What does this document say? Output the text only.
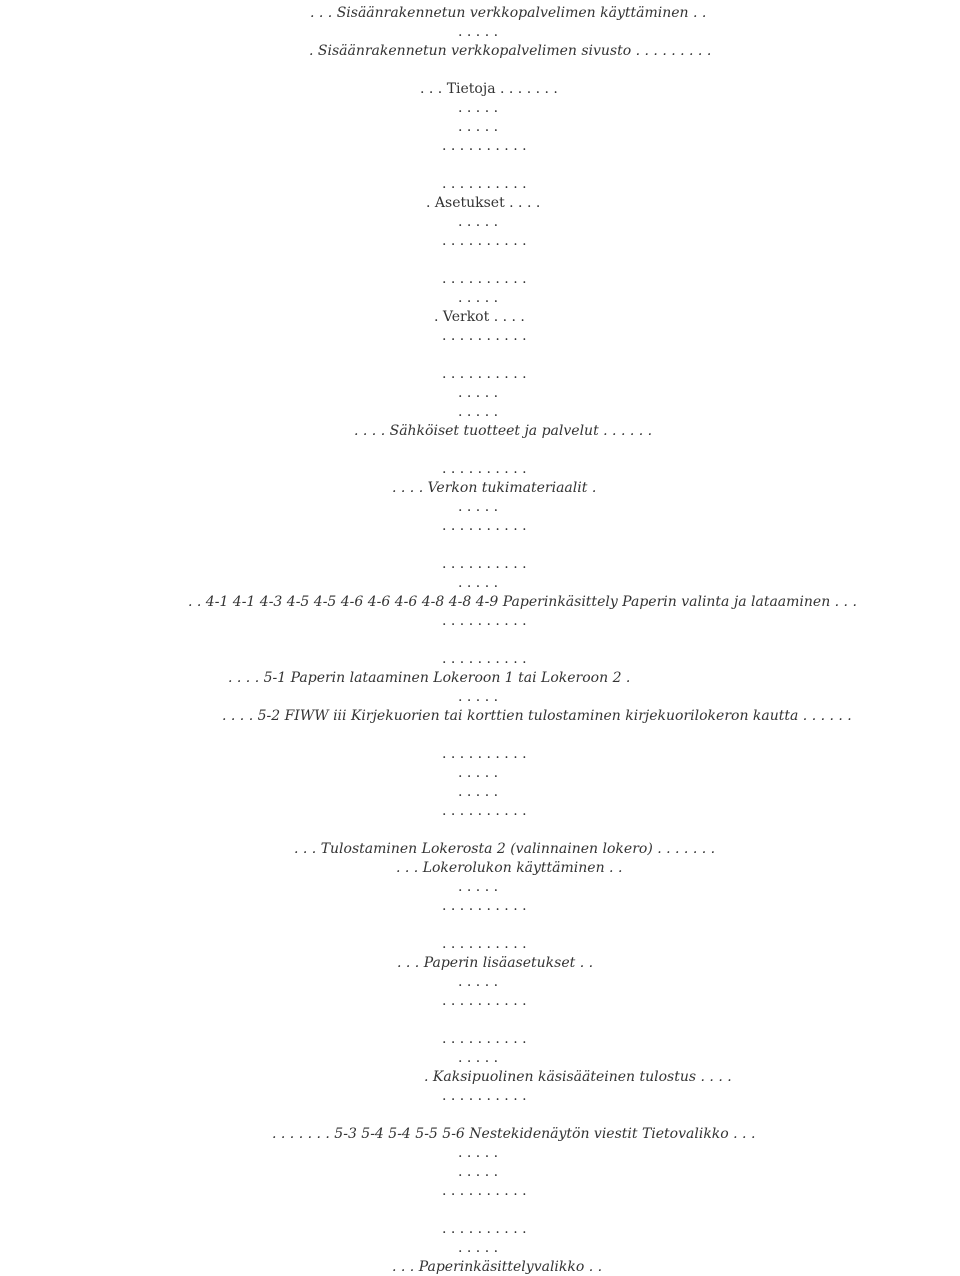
. . . Sisäänrakennetun verkkopalvelimen käyttäminen . .
. . . . .
. Sisäänrakennetun verkkopalvelimen sivusto . . . . . . . . .
. . . Tietoja . . . . . . .
. . . . .
. . . . .
. . . . . . . . . .
. . . . . . . . . .
. Asetukset . . . .
. . . . .
. . . . . . . . . .
. . . . . . . . . .
. . . . .
. Verkot . . . .
. . . . . . . . . .
. . . . . . . . . .
. . . . .
. . . . .
. . . . Sähköiset tuotteet ja palvelut . . . . . .
. . . . . . . . . .
. . . . Verkon tukimateriaalit .
. . . . .
. . . . . . . . . .
. . . . . . . . . .
. . . . .
. . 4-1 4-1 4-3 4-5 4-5 4-6 4-6 4-6 4-8 4-8 4-9 Paperinkäsittely Paperin valinta ja lataaminen . . .
. . . . . . . . . .
. . . . . . . . . .
. . . . 5-1 Paperin lataaminen Lokeroon 1 tai Lokeroon 2 .
. . . . .
. . . . 5-2 FIWW iii Kirjekuorien tai korttien tulostaminen kirjekuorilokeron kautta . . . . . .
. . . . . . . . . .
. . . . .
. . . . .
. . . . . . . . . .
. . . Tulostaminen Lokerosta 2 (valinnainen lokero) . . . . . . .
. . . Lokerolukon käyttäminen . .
. . . . .
. . . . . . . . . .
. . . . . . . . . .
. . . Paperin lisäasetukset . .
. . . . .
. . . . . . . . . .
. . . . . . . . . .
. . . . .
. Kaksipuolinen käsisääteinen tulostus . . . .
. . . . . . . . . .
. . . . . . . 5-3 5-4 5-4 5-5 5-6 Nestekidenäytön viestit Tietovalikko . . .
. . . . .
. . . . .
. . . . . . . . . .
. . . . . . . . . .
. . . . .
. . . Paperinkäsittelyvalikko . .
